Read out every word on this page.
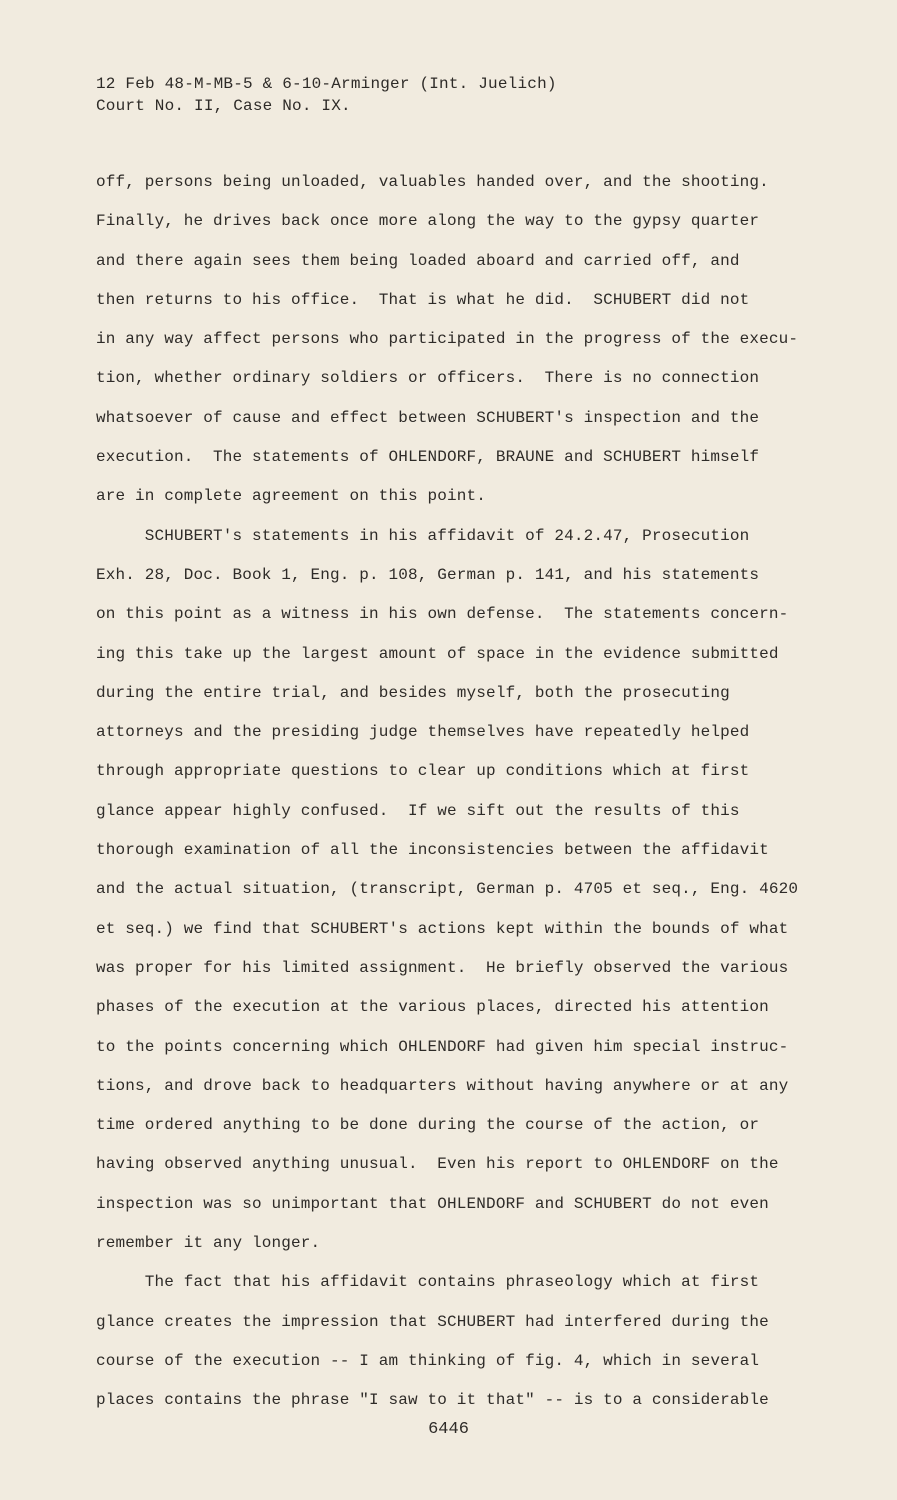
12 Feb 48-M-MB-5 & 6-10-Arminger (Int. Juelich)
Court No. II, Case No. IX.
off, persons being unloaded, valuables handed over, and the shooting.
Finally, he drives back once more along the way to the gypsy quarter
and there again sees them being loaded aboard and carried off, and
then returns to his office.  That is what he did.  SCHUBERT did not
in any way affect persons who participated in the progress of the execu-
tion, whether ordinary soldiers or officers.  There is no connection
whatsoever of cause and effect between SCHUBERT's inspection and the
execution.  The statements of OHLENDORF, BRAUNE and SCHUBERT himself
are in complete agreement on this point.
SCHUBERT's statements in his affidavit of 24.2.47, Prosecution
Exh. 28, Doc. Book 1, Eng. p. 108, German p. 141, and his statements
on this point as a witness in his own defense.  The statements concern-
ing this take up the largest amount of space in the evidence submitted
during the entire trial, and besides myself, both the prosecuting
attorneys and the presiding judge themselves have repeatedly helped
through appropriate questions to clear up conditions which at first
glance appear highly confused.  If we sift out the results of this
thorough examination of all the inconsistencies between the affidavit
and the actual situation, (transcript, German p. 4705 et seq., Eng. 4620
et seq.) we find that SCHUBERT's actions kept within the bounds of what
was proper for his limited assignment.  He briefly observed the various
phases of the execution at the various places, directed his attention
to the points concerning which OHLENDORF had given him special instruc-
tions, and drove back to headquarters without having anywhere or at any
time ordered anything to be done during the course of the action, or
having observed anything unusual.  Even his report to OHLENDORF on the
inspection was so unimportant that OHLENDORF and SCHUBERT do not even
remember it any longer.
The fact that his affidavit contains phraseology which at first
glance creates the impression that SCHUBERT had interfered during the
course of the execution -- I am thinking of fig. 4, which in several
places contains the phrase "I saw to it that" -- is to a considerable
6446
